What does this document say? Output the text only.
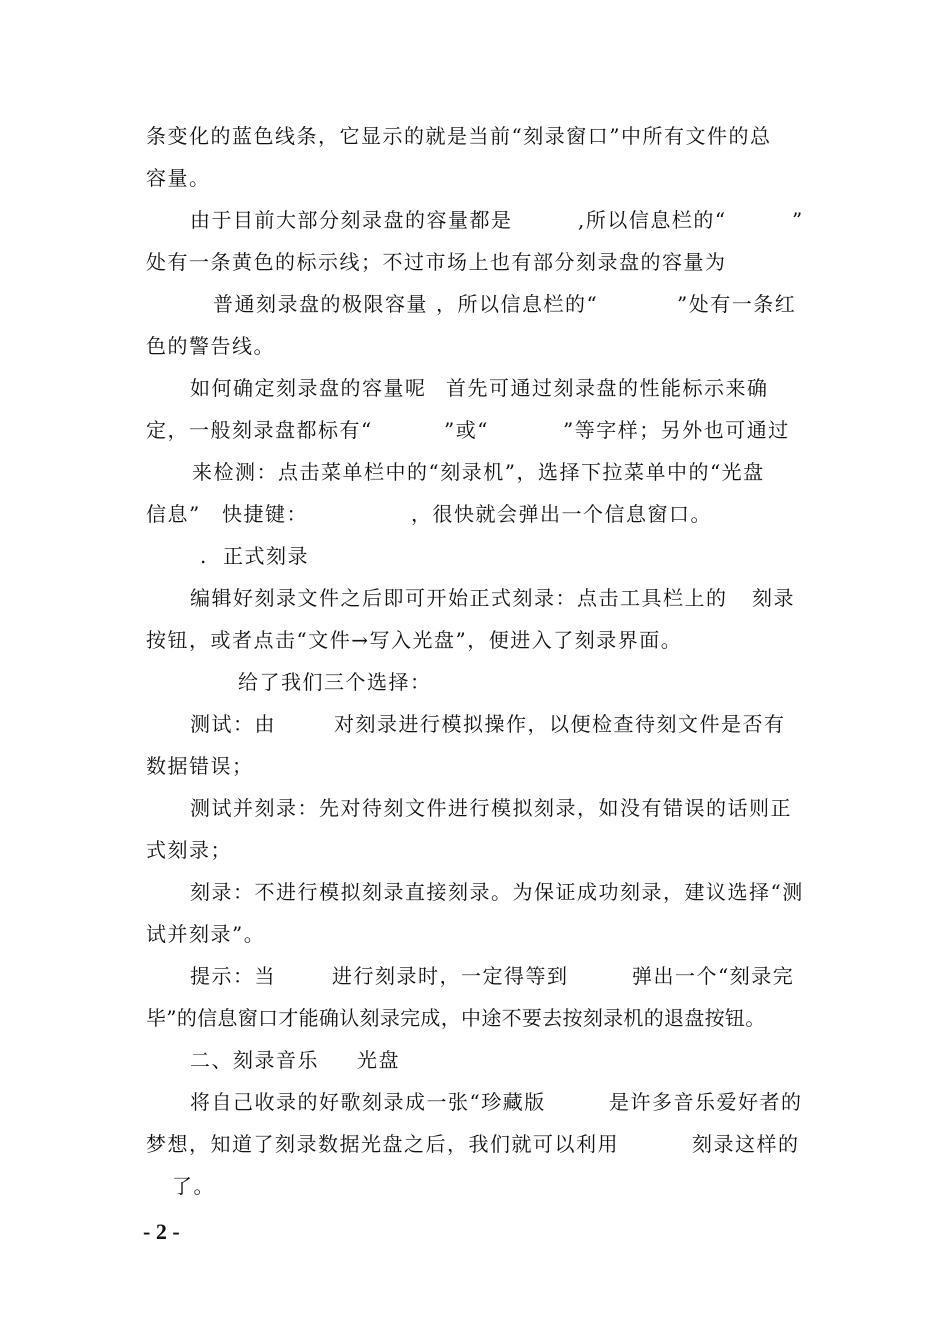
条变化的蓝色线条，它显示的就是当前“刻录窗口”中所有文件的总
容量。
由于目前大部分刻录盘的容量都是	,所以信息栏的“	”
处有一条黄色的标示线；不过市场上也有部分刻录盘的容量为
普通刻录盘的极限容量 ，所以信息栏的“	”处有一条红
色的警告线。
如何确定刻录盘的容量呢 首先可通过刻录盘的性能标示来确
定，一般刻录盘都标有“	”或“	”等字样；另外也可通过
来检测：点击菜单栏中的“刻录机”，选择下拉菜单中的“光盘
信息” 快捷键：	，很快就会弹出一个信息窗口。
. 正式刻录
编辑好刻录文件之后即可开始正式刻录：点击工具栏上的 刻录
按钮，或者点击“文件→写入光盘”，便进入了刻录界面。
给了我们三个选择：
测试：由	对刻录进行模拟操作，以便检查待刻文件是否有
数据错误；
测试并刻录：先对待刻文件进行模拟刻录，如没有错误的话则正
式刻录；
刻录：不进行模拟刻录直接刻录。为保证成功刻录，建议选择“测
试并刻录”。
提示：当	进行刻录时，一定得等到	弹出一个“刻录完
毕”的信息窗口才能确认刻录完成，中途不要去按刻录机的退盘按钮。
二、刻录音乐 光盘
将自己收录的好歌刻录成一张“珍藏版	是许多音乐爱好者的
梦想，知道了刻录数据光盘之后，我们就可以利用	刻录这样的
了。
- 2 -
